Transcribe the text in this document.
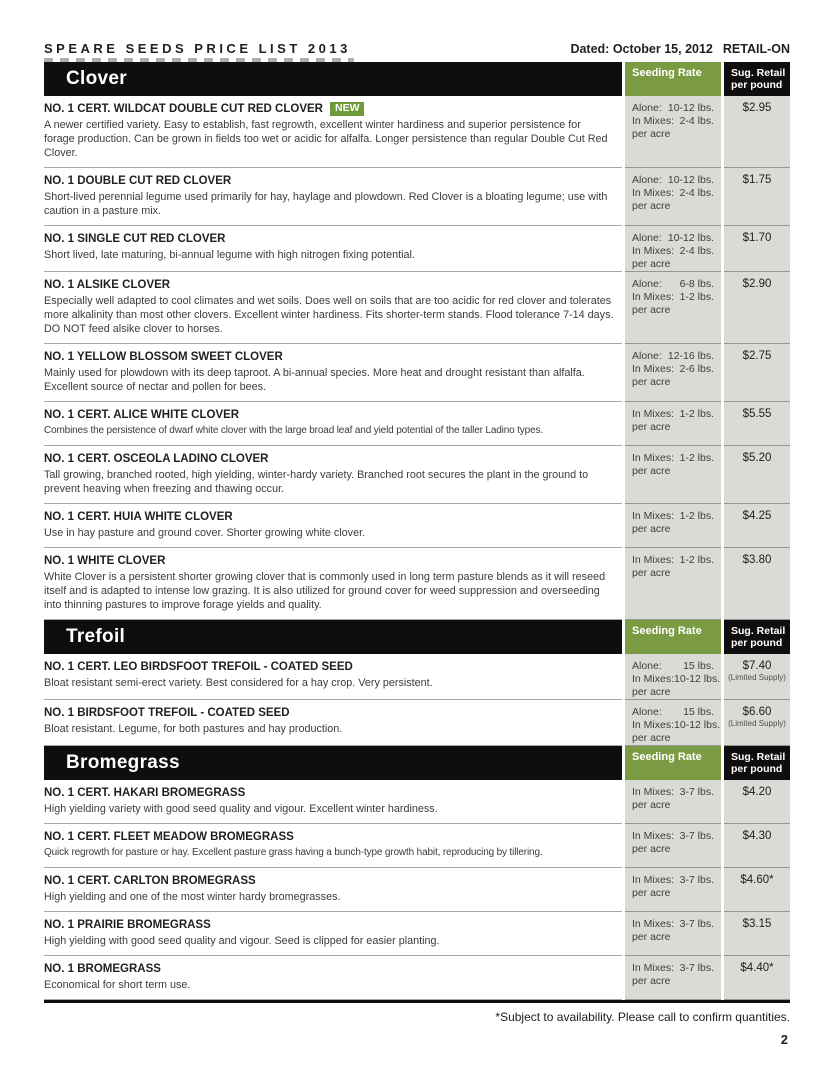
SPEARE SEEDS PRICE LIST 2013	Dated: October 15, 2012 RETAIL-ON
Clover	Seeding Rate	Sug. Retail
per pound
NO. 1 CERT. WILDCAT DOUBLE CUT RED CLOVER	NEW
A newer certified variety. Easy to establish, fast regrowth, excellent winter hardiness and superior persistence for forage production. Can be grown in fields too wet or acidic for alfalfa. Longer persistence than regular Double Cut Red Clover.
Alone: 10-12 lbs.
In Mixes: 2-4 lbs.
per acre
$2.95
NO. 1 DOUBLE CUT RED CLOVER
Short-lived perennial legume used primarily for hay, haylage and plowdown. Red Clover is a bloating legume; use with caution in a pasture mix.
Alone: 10-12 lbs.
In Mixes: 2-4 lbs.
per acre
$1.75
NO. 1 SINGLE CUT RED CLOVER
Short lived, late maturing, bi-annual legume with high nitrogen fixing potential.
Alone: 10-12 lbs.
In Mixes: 2-4 lbs.
per acre
$1.70
NO. 1 ALSIKE CLOVER
Especially well adapted to cool climates and wet soils. Does well on soils that are too acidic for red clover and tolerates more alkalinity than most other clovers. Excellent winter hardiness. Fits shorter-term stands. Flood tolerance 7-14 days. DO NOT feed alsike clover to horses.
Alone: 6-8 lbs.
In Mixes: 1-2 lbs.
per acre
$2.90
NO. 1 YELLOW BLOSSOM SWEET CLOVER
Mainly used for plowdown with its deep taproot. A bi-annual species. More heat and drought resistant than alfalfa. Excellent source of nectar and pollen for bees.
Alone: 12-16 lbs.
In Mixes: 2-6 lbs.
per acre
$2.75
NO. 1 CERT. ALICE WHITE CLOVER
Combines the persistence of dwarf white clover with the large broad leaf and yield potential of the taller Ladino types.
In Mixes: 1-2 lbs.
per acre
$5.55
NO. 1 CERT. OSCEOLA LADINO CLOVER
Tall growing, branched rooted, high yielding, winter-hardy variety. Branched root secures the plant in the ground to prevent heaving when freezing and thawing occur.
In Mixes: 1-2 lbs.
per acre
$5.20
NO. 1 CERT. HUIA WHITE CLOVER
Use in hay pasture and ground cover. Shorter growing white clover.
In Mixes: 1-2 lbs.
per acre
$4.25
NO. 1 WHITE CLOVER
White Clover is a persistent shorter growing clover that is commonly used in long term pasture blends as it will reseed itself and is adapted to intense low grazing. It is also utilized for ground cover for weed suppression and overseeding into thinning pastures to improve forage yields and quality.
In Mixes: 1-2 lbs.
per acre
$3.80
Trefoil	Seeding Rate	Sug. Retail
per pound
NO. 1 CERT. LEO BIRDSFOOT TREFOIL - COATED SEED
Bloat resistant semi-erect variety. Best considered for a hay crop. Very persistent.
Alone: 15 lbs.
In Mixes: 10-12 lbs.
per acre
$7.40
(Limited Supply)
NO. 1 BIRDSFOOT TREFOIL - COATED SEED
Bloat resistant. Legume, for both pastures and hay production.
Alone: 15 lbs.
In Mixes: 10-12 lbs.
per acre
$6.60
(Limited Supply)
Bromegrass	Seeding Rate	Sug. Retail
per pound
NO. 1 CERT. HAKARI BROMEGRASS
High yielding variety with good seed quality and vigour. Excellent winter hardiness.
In Mixes: 3-7 lbs.
per acre
$4.20
NO. 1 CERT. FLEET MEADOW BROMEGRASS
Quick regrowth for pasture or hay. Excellent pasture grass having a bunch-type growth habit, reproducing by tillering.
In Mixes: 3-7 lbs.
per acre
$4.30
NO. 1 CERT. CARLTON BROMEGRASS
High yielding and one of the most winter hardy bromegrasses.
In Mixes: 3-7 lbs.
per acre
$4.60*
NO. 1 PRAIRIE BROMEGRASS
High yielding with good seed quality and vigour. Seed is clipped for easier planting.
In Mixes: 3-7 lbs.
per acre
$3.15
NO. 1 BROMEGRASS
Economical for short term use.
In Mixes: 3-7 lbs.
per acre
$4.40*
*Subject to availability. Please call to confirm quantities.
2
